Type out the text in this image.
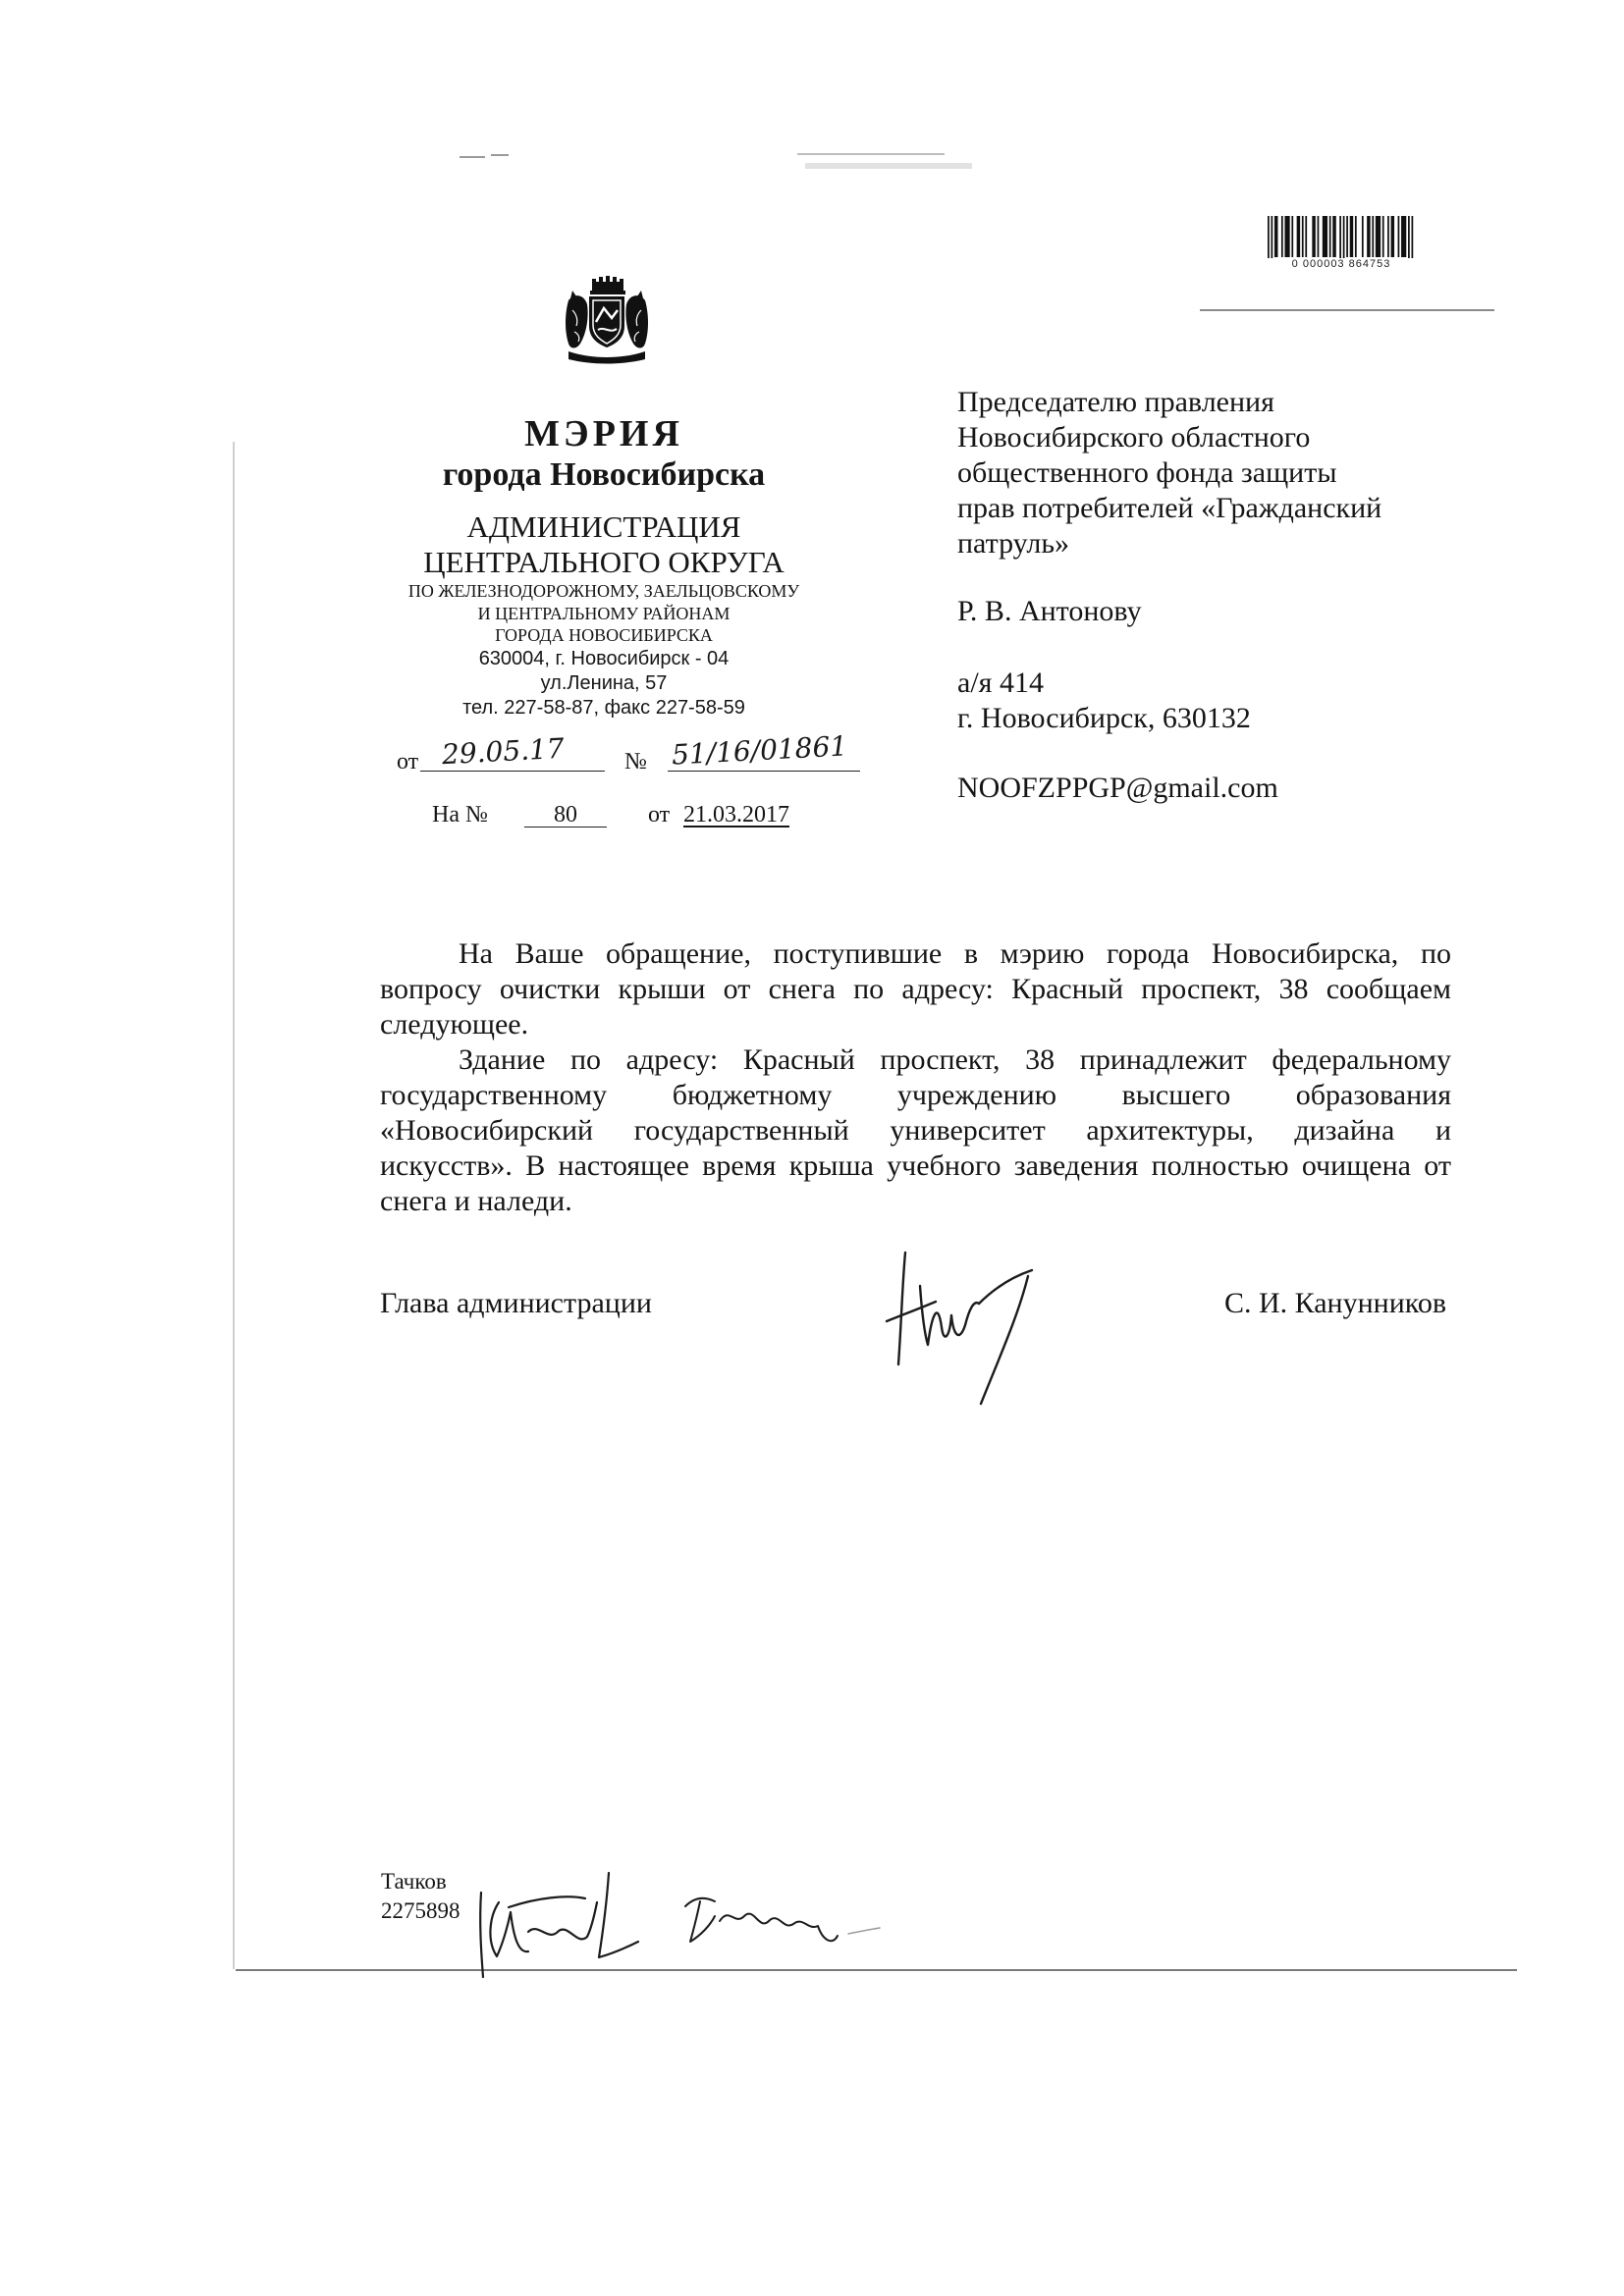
0 000003 864753
МЭРИЯ
города Новосибирска
АДМИНИСТРАЦИЯ
ЦЕНТРАЛЬНОГО ОКРУГА
ПО ЖЕЛЕЗНОДОРОЖНОМУ, ЗАЕЛЬЦОВСКОМУ
И ЦЕНТРАЛЬНОМУ РАЙОНАМ
ГОРОДА НОВОСИБИРСКА
630004, г. Новосибирск - 04
ул.Ленина, 57
тел. 227-58-87, факс 227-58-59
от 29.05.17	№ 51/16/01861
На №	80	от 21.03.2017
Председателю правления
Новосибирского областного
общественного фонда защиты
прав потребителей «Гражданский
патруль»
Р. В. Антонову
а/я 414
г. Новосибирск, 630132
NOOFZPPGP@gmail.com
На Ваше обращение, поступившие в мэрию города Новосибирска, по
вопросу очистки крыши от снега по адресу: Красный проспект, 38 сообщаем
следующее.
Здание по адресу: Красный проспект, 38 принадлежит федеральному
государственному бюджетному учреждению высшего образования
«Новосибирский государственный университет архитектуры, дизайна и
искусств». В настоящее время крыша учебного заведения полностью очищена от
снега и наледи.
Глава администрации	С. И. Канунников
Тачков
2275898
